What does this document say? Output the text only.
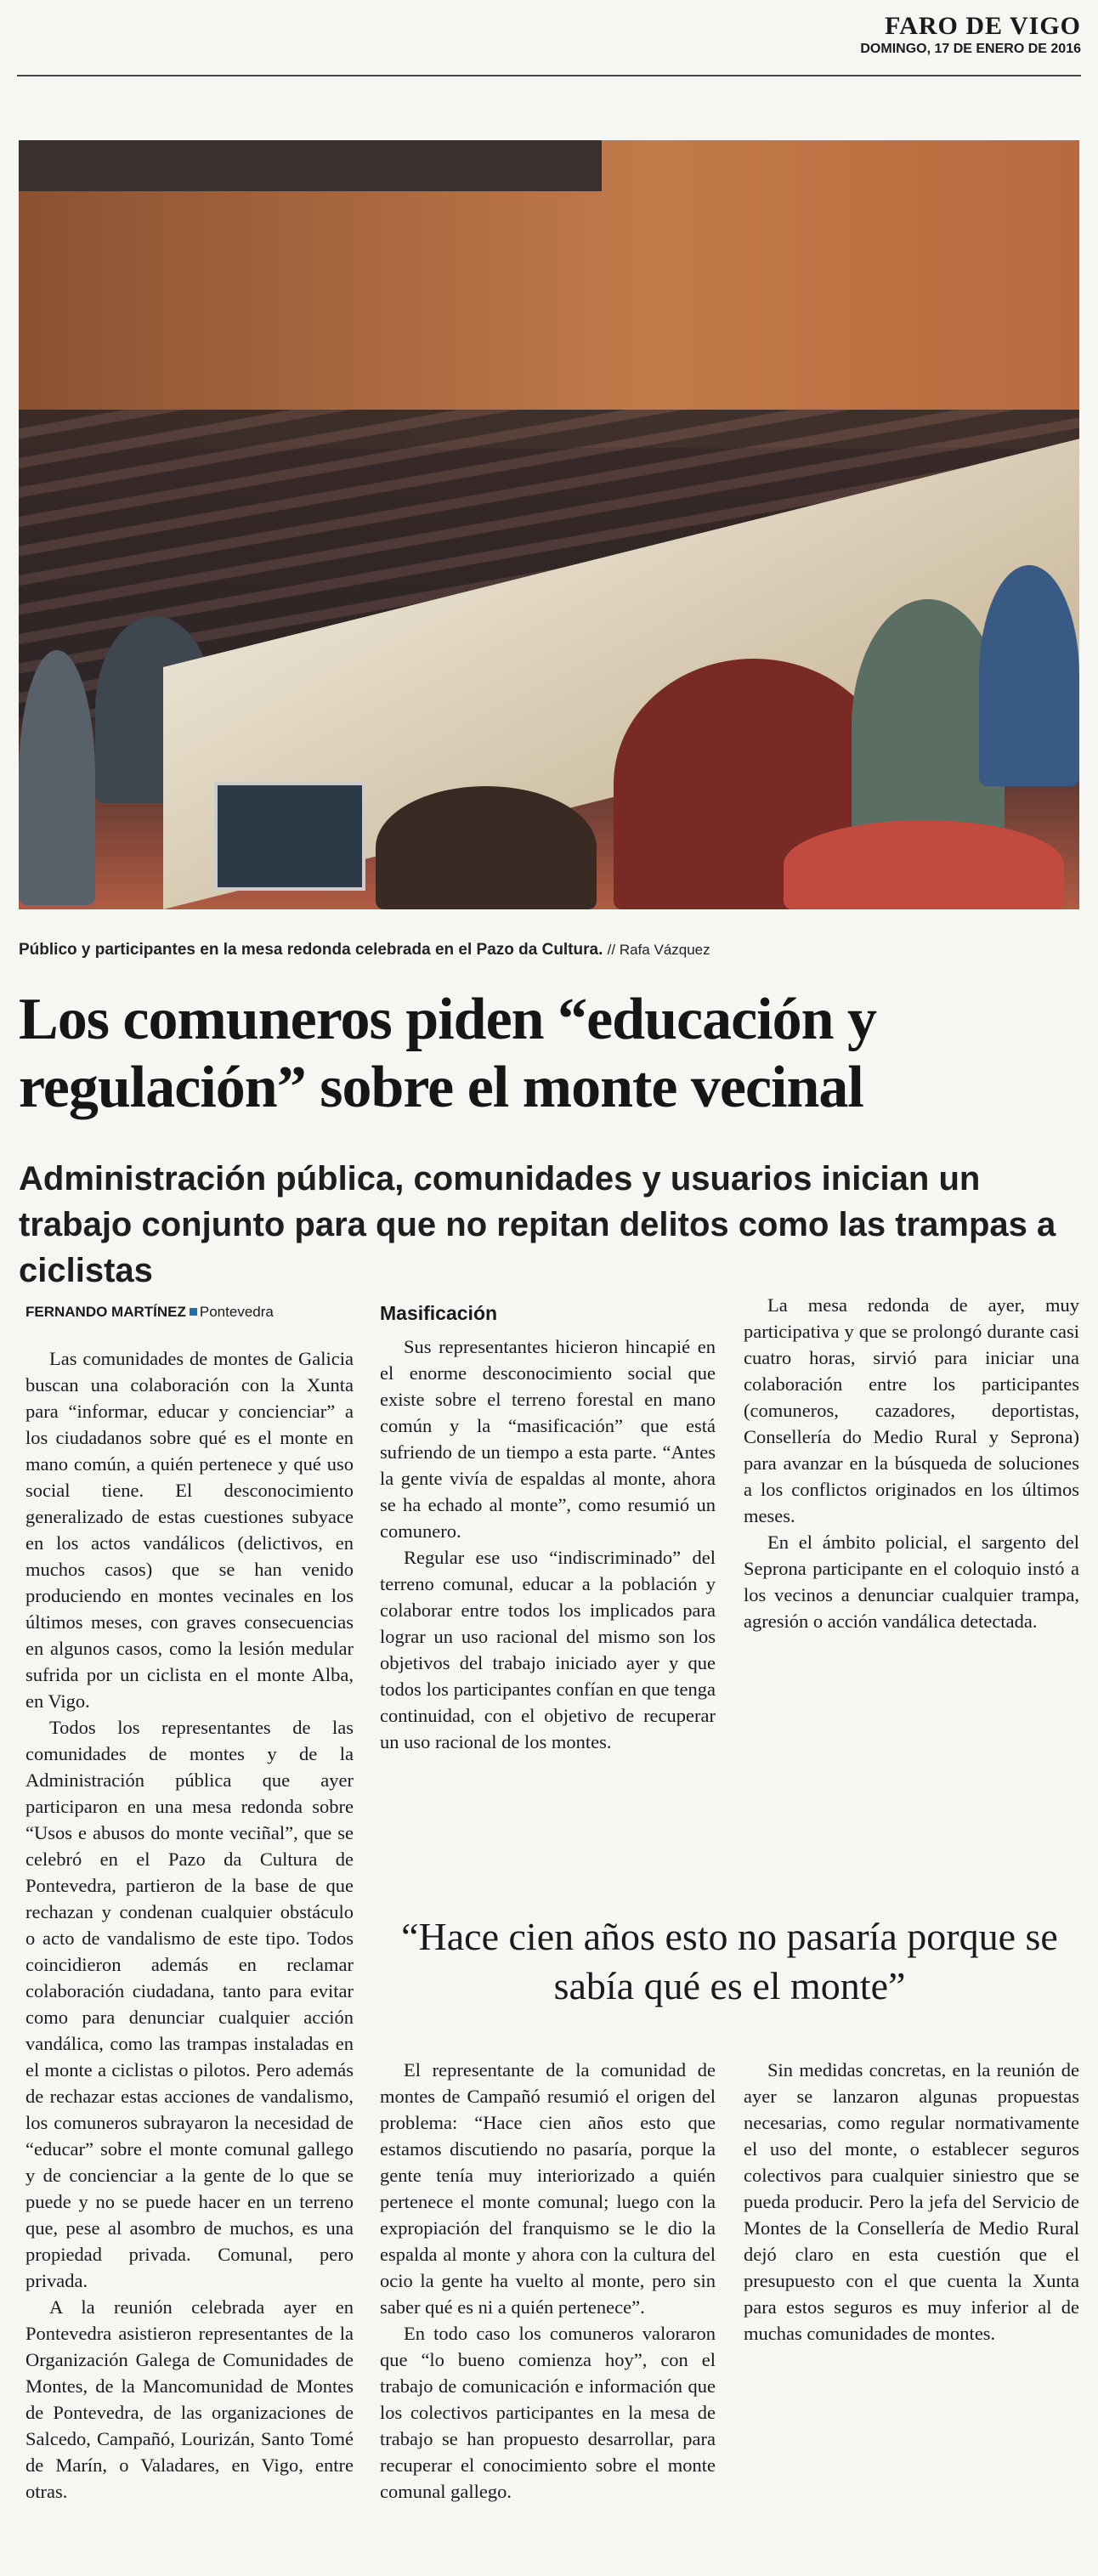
FARO DE VIGO
DOMINGO, 17 DE ENERO DE 2016
Público y participantes en la mesa redonda celebrada en el Pazo da Cultura. // Rafa Vázquez
Los comuneros piden “educación y regulación” sobre el monte vecinal
Administración pública, comunidades y usuarios inician un trabajo conjunto para que no repitan delitos como las trampas a ciclistas

FERNANDO MARTÍNEZ Pontevedra

Las comunidades de montes de Galicia buscan una colaboración con la Xunta para “informar, educar y concienciar” a los ciudadanos sobre qué es el monte en mano común, a quién pertenece y qué uso social tiene. El desconocimiento generalizado de estas cuestiones subyace en los actos vandálicos (delictivos, en muchos casos) que se han venido produciendo en montes vecinales en los últimos meses, con graves consecuencias en algunos casos, como la lesión medular sufrida por un ciclista en el monte Alba, en Vigo.

Todos los representantes de las comunidades de montes y de la Administración pública que ayer participaron en una mesa redonda sobre “Usos e abusos do monte veciñal”, que se celebró en el Pazo da Cultura de Pontevedra, partieron de la base de que rechazan y condenan cualquier obstáculo o acto de vandalismo de este tipo. Todos coincidieron además en reclamar colaboración ciudadana, tanto para evitar como para denunciar cualquier acción vandálica, como las trampas instaladas en el monte a ciclistas o pilotos. Pero además de rechazar estas acciones de vandalismo, los comuneros subrayaron la necesidad de “educar” sobre el monte comunal gallego y de concienciar a la gente de lo que se puede y no se puede hacer en un terreno que, pese al asombro de muchos, es una propiedad privada. Comunal, pero privada.

A la reunión celebrada ayer en Pontevedra asistieron representantes de la Organización Galega de Comunidades de Montes, de la Mancomunidad de Montes de Pontevedra, de las organizaciones de Salcedo, Campañó, Lourizán, Santo Tomé de Marín, o Valadares, en Vigo, entre otras.

Masificación

Sus representantes hicieron hincapié en el enorme desconocimiento social que existe sobre el terreno forestal en mano común y la “masificación” que está sufriendo de un tiempo a esta parte. “Antes la gente vivía de espaldas al monte, ahora se ha echado al monte”, como resumió un comunero.

Regular ese uso “indiscriminado” del terreno comunal, educar a la población y colaborar entre todos los implicados para lograr un uso racional del mismo son los objetivos del trabajo iniciado ayer y que todos los participantes confían en que tenga continuidad, con el objetivo de recuperar un uso racional de los montes.

La mesa redonda de ayer, muy participativa y que se prolongó durante casi cuatro horas, sirvió para iniciar una colaboración entre los participantes (comuneros, cazadores, deportistas, Consellería do Medio Rural y Seprona) para avanzar en la búsqueda de soluciones a los conflictos originados en los últimos meses.

En el ámbito policial, el sargento del Seprona participante en el coloquio instó a los vecinos a denunciar cualquier trampa, agresión o acción vandálica detectada.

“Hace cien años esto no pasaría porque se sabía qué es el monte”

El representante de la comunidad de montes de Campañó resumió el origen del problema: “Hace cien años esto que estamos discutiendo no pasaría, porque la gente tenía muy interiorizado a quién pertenece el monte comunal; luego con la expropiación del franquismo se le dio la espalda al monte y ahora con la cultura del ocio la gente ha vuelto al monte, pero sin saber qué es ni a quién pertenece”.

En todo caso los comuneros valoraron que “lo bueno comienza hoy”, con el trabajo de comunicación e información que los colectivos participantes en la mesa de trabajo se han propuesto desarrollar, para recuperar el conocimiento sobre el monte comunal gallego.

Sin medidas concretas, en la reunión de ayer se lanzaron algunas propuestas necesarias, como regular normativamente el uso del monte, o establecer seguros colectivos para cualquier siniestro que se pueda producir. Pero la jefa del Servicio de Montes de la Consellería de Medio Rural dejó claro en esta cuestión que el presupuesto con el que cuenta la Xunta para estos seguros es muy inferior al de muchas comunidades de montes.
